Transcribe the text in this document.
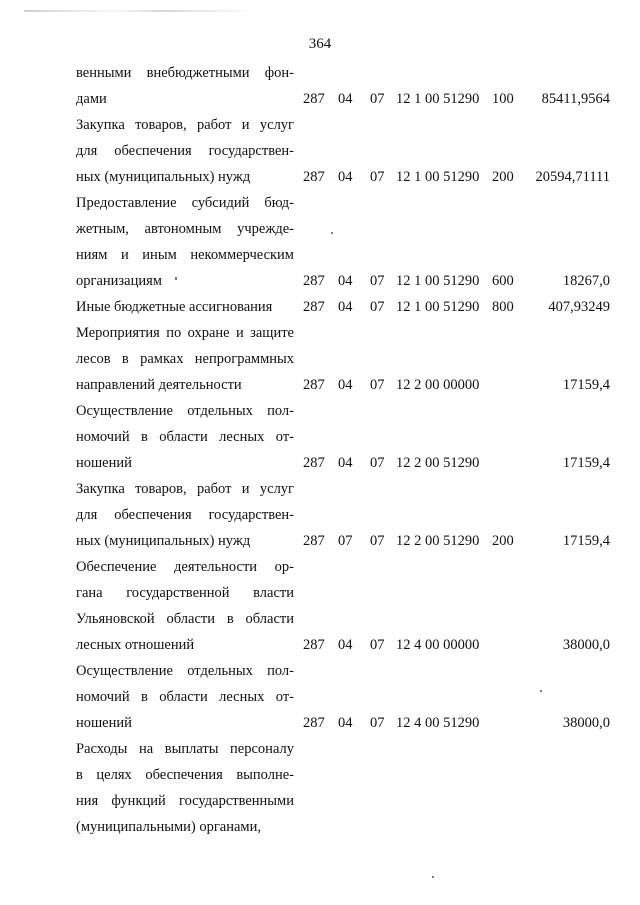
364
венными внебюджетными фон-
дами	287 04 07 12 1 00 51290 100 85411,9564
Закупка товаров, работ и услуг
для обеспечения государствен-
ных (муниципальных) нужд	287 04 07 12 1 00 51290 200 20594,71111
Предоставление субсидий бюд-
жетным, автономным учрежде-
ниям и иным некоммерческим
организациям	287 04 07 12 1 00 51290 600	18267,0
Иные бюджетные ассигнования	287 04 07 12 1 00 51290 800 407,93249
Мероприятия по охране и защите
лесов в рамках непрограммных
направлений деятельности	287 04 07 12 2 00 00000	17159,4
Осуществление отдельных пол-
номочий в области лесных от-
ношений	287 04 07 12 2 00 51290	17159,4
Закупка товаров, работ и услуг
для обеспечения государствен-
ных (муниципальных) нужд	287 07 07 12 2 00 51290 200	17159,4
Обеспечение деятельности ор-
гана государственной власти
Ульяновской области в области
лесных отношений	287 04 07 12 4 00 00000	38000,0
Осуществление отдельных пол-
номочий в области лесных от-
ношений	287 04 07 12 4 00 51290	38000,0
Расходы на выплаты персоналу
в целях обеспечения выполне-
ния функций государственными
(муниципальными) органами,
